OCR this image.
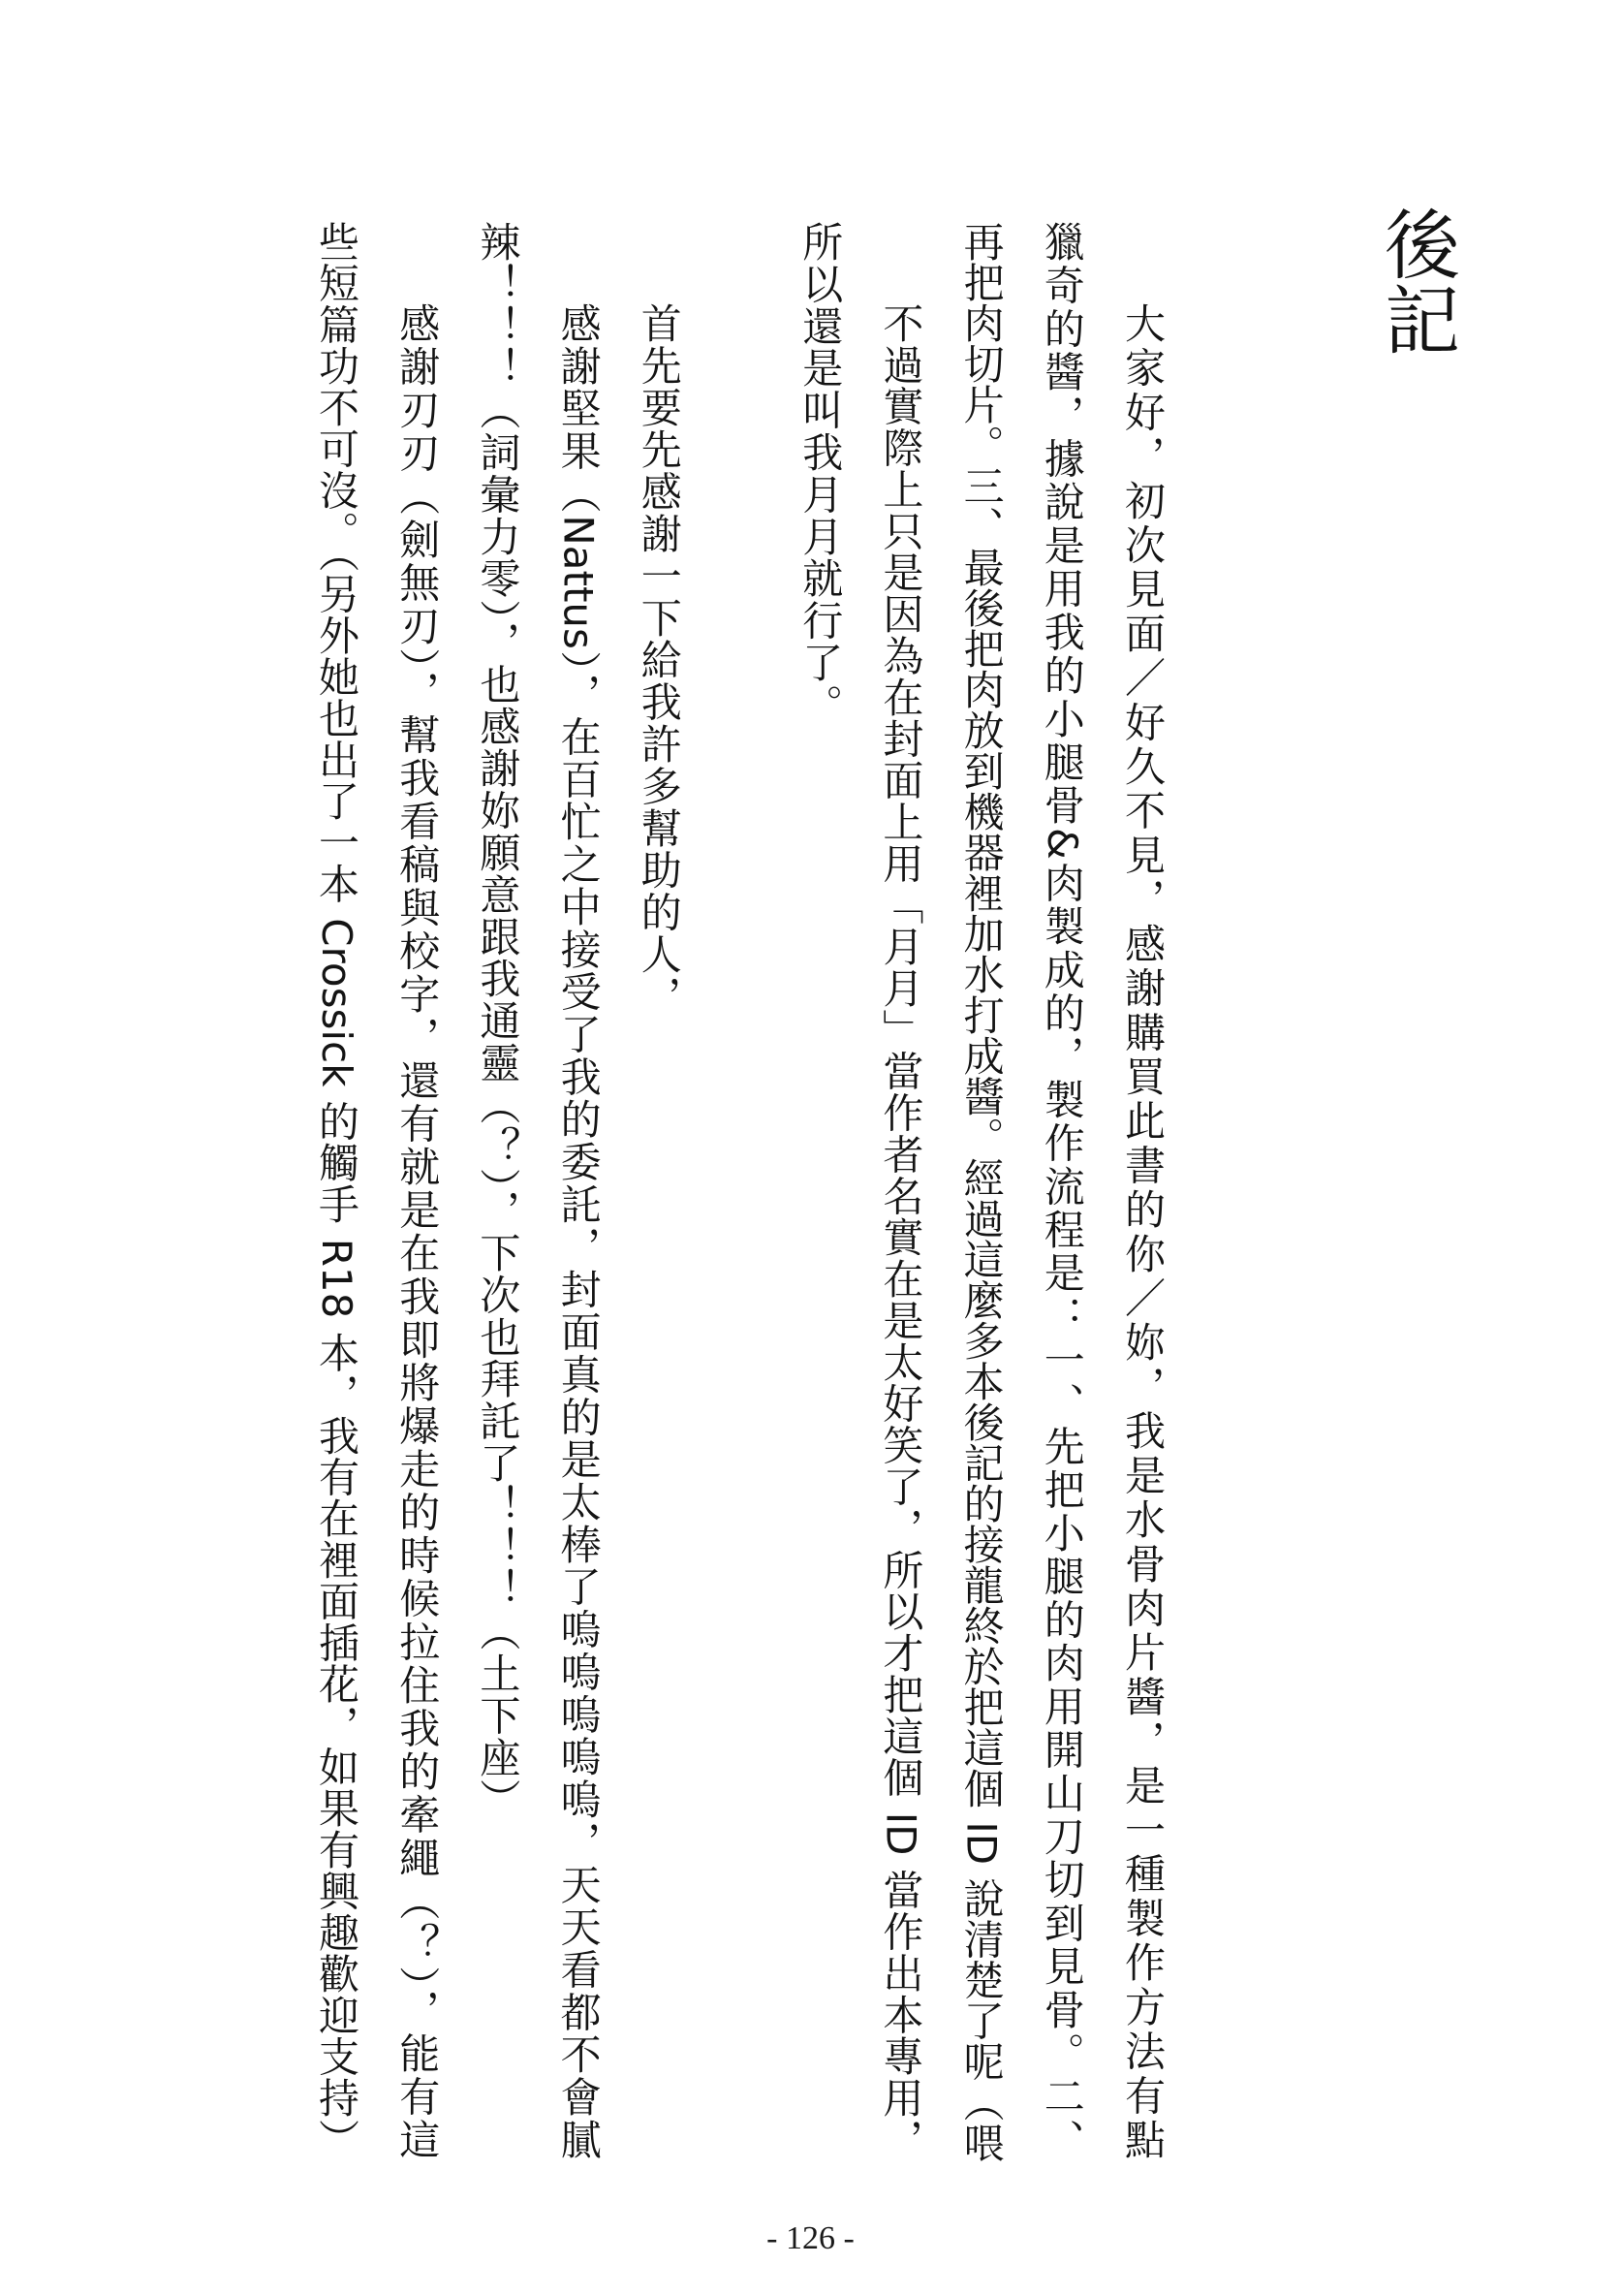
後記
大家好，初次見面／好久不見，感謝購買此書的你／妳，我是水骨肉片醬，是一種製作方法有點
獵奇的醬，據說是用我的小腿骨&肉製成的，製作流程是：一、先把小腿的肉用開山刀切到見骨。二、
再把肉切片。三、最後把肉放到機器裡加水打成醬。經過這麼多本後記的接龍終於把這個 ID 說清楚了呢（喂
不過實際上只是因為在封面上用「月月」當作者名實在是太好笑了，所以才把這個 ID 當作出本專用，
所以還是叫我月月就行了。
首先要先感謝一下給我許多幫助的人，
感謝堅果（Nattus），在百忙之中接受了我的委託，封面真的是太棒了嗚嗚嗚嗚嗚，天天看都不會膩
辣！！！（詞彙力零），也感謝妳願意跟我通靈（？），下次也拜託了！！！（土下座）
感謝刃刃（劍無刃），幫我看稿與校字，還有就是在我即將爆走的時候拉住我的牽繩（？），能有這
些短篇功不可沒。（另外她也出了一本 Crossick 的觸手 R18 本，我有在裡面插花，如果有興趣歡迎支持）
- 126 -
